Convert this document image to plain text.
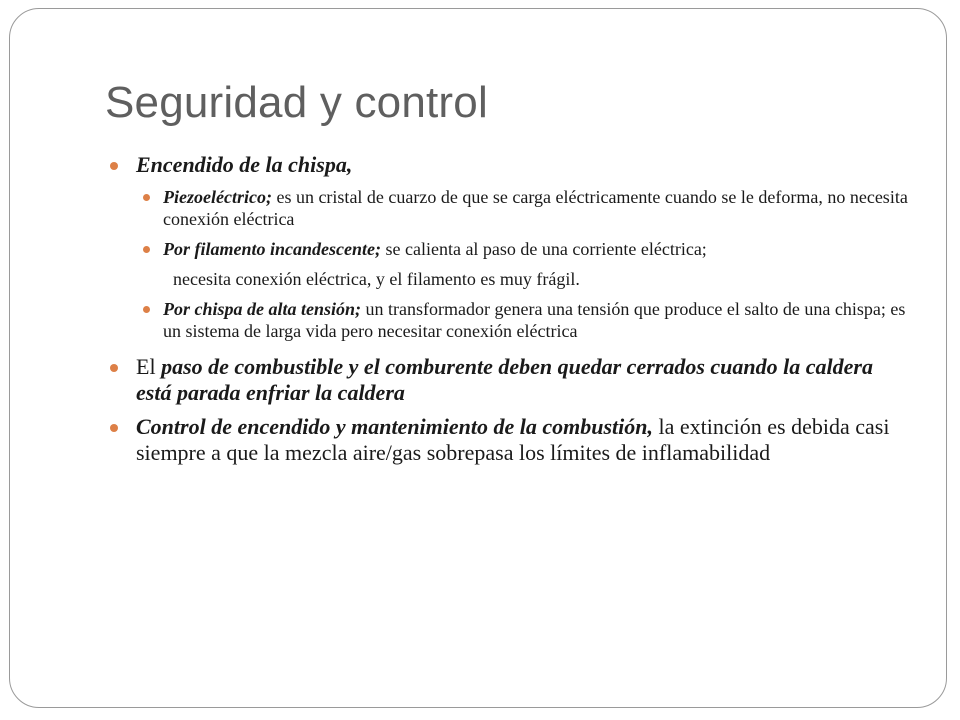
Seguridad y control
Encendido de la chispa,
Piezoeléctrico; es un cristal de cuarzo de que se carga eléctricamente cuando se le deforma, no necesita conexión eléctrica
Por filamento incandescente; se calienta al paso de una corriente eléctrica;
necesita conexión eléctrica, y el filamento es muy frágil.
Por chispa de alta tensión; un transformador genera una tensión que produce el salto de una chispa; es un sistema de larga vida pero necesitar conexión eléctrica
El paso de combustible y el comburente deben quedar cerrados cuando la caldera está parada enfriar la caldera
Control de encendido y mantenimiento de la combustión, la extinción es debida casi siempre a que la mezcla aire/gas sobrepasa los límites de inflamabilidad
